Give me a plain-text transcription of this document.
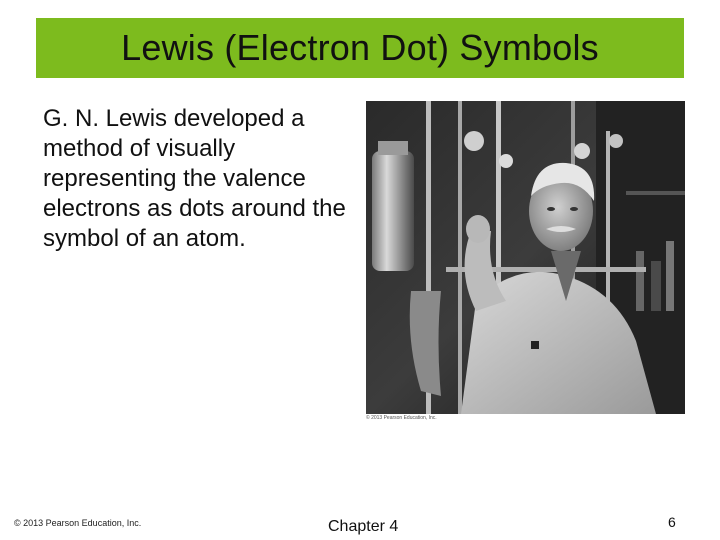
Lewis (Electron Dot) Symbols
G. N. Lewis developed a method of visually representing the valence electrons as dots around the symbol of an atom.
© 2013 Pearson Education, Inc.
© 2013 Pearson Education, Inc.	Chapter 4	6
